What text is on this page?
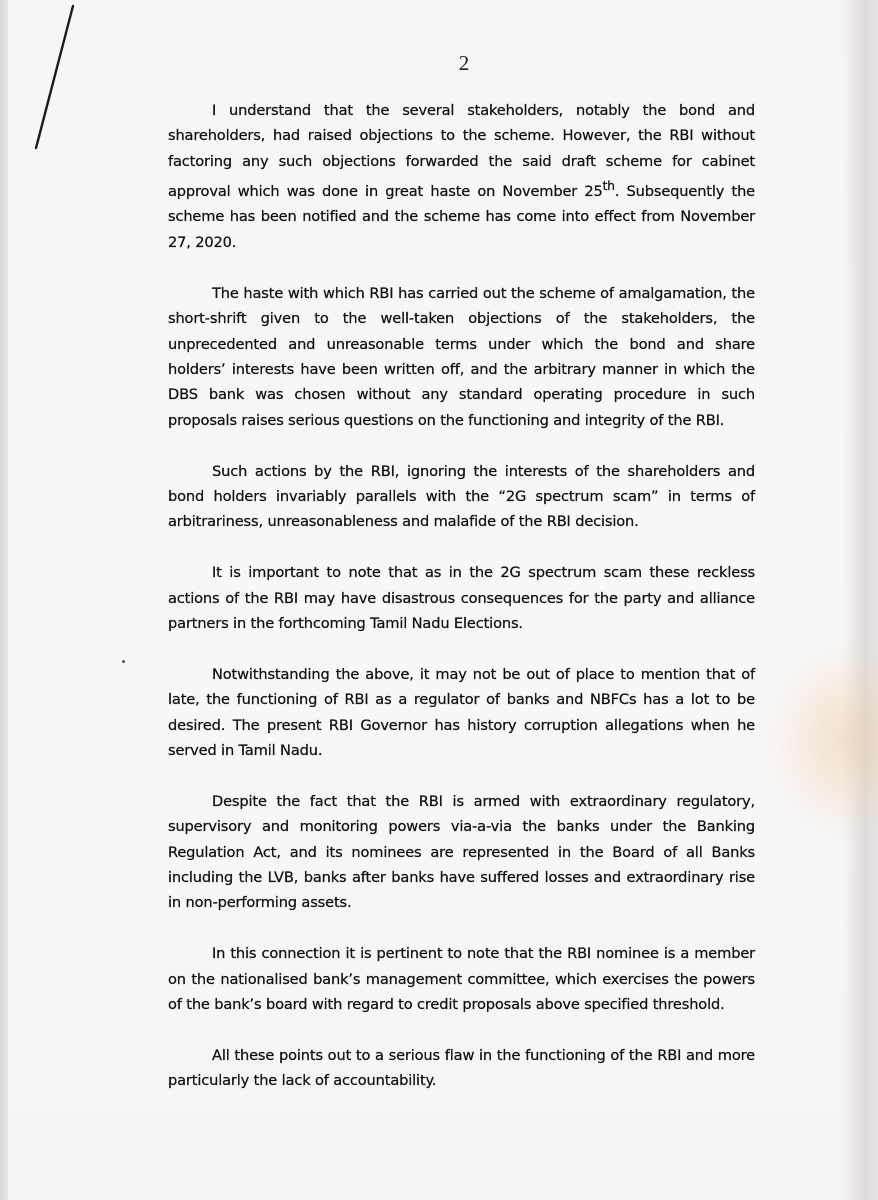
2

I understand that the several stakeholders, notably the bond and shareholders, had raised objections to the scheme. However, the RBI without factoring any such objections forwarded the said draft scheme for cabinet approval which was done in great haste on November 25th. Subsequently the scheme has been notified and the scheme has come into effect from November 27, 2020.

The haste with which RBI has carried out the scheme of amalgamation, the short-shrift given to the well-taken objections of the stakeholders, the unprecedented and unreasonable terms under which the bond and share holders’ interests have been written off, and the arbitrary manner in which the DBS bank was chosen without any standard operating procedure in such proposals raises serious questions on the functioning and integrity of the RBI.

Such actions by the RBI, ignoring the interests of the shareholders and bond holders invariably parallels with the “2G spectrum scam” in terms of arbitrariness, unreasonableness and malafide of the RBI decision.

It is important to note that as in the 2G spectrum scam these reckless actions of the RBI may have disastrous consequences for the party and alliance partners in the forthcoming Tamil Nadu Elections.

Notwithstanding the above, it may not be out of place to mention that of late, the functioning of RBI as a regulator of banks and NBFCs has a lot to be desired. The present RBI Governor has history corruption allegations when he served in Tamil Nadu.

Despite the fact that the RBI is armed with extraordinary regulatory, supervisory and monitoring powers via-a-via the banks under the Banking Regulation Act, and its nominees are represented in the Board of all Banks including the LVB, banks after banks have suffered losses and extraordinary rise in non-performing assets.

In this connection it is pertinent to note that the RBI nominee is a member on the nationalised bank’s management committee, which exercises the powers of the bank’s board with regard to credit proposals above specified threshold.

All these points out to a serious flaw in the functioning of the RBI and more particularly the lack of accountability.
